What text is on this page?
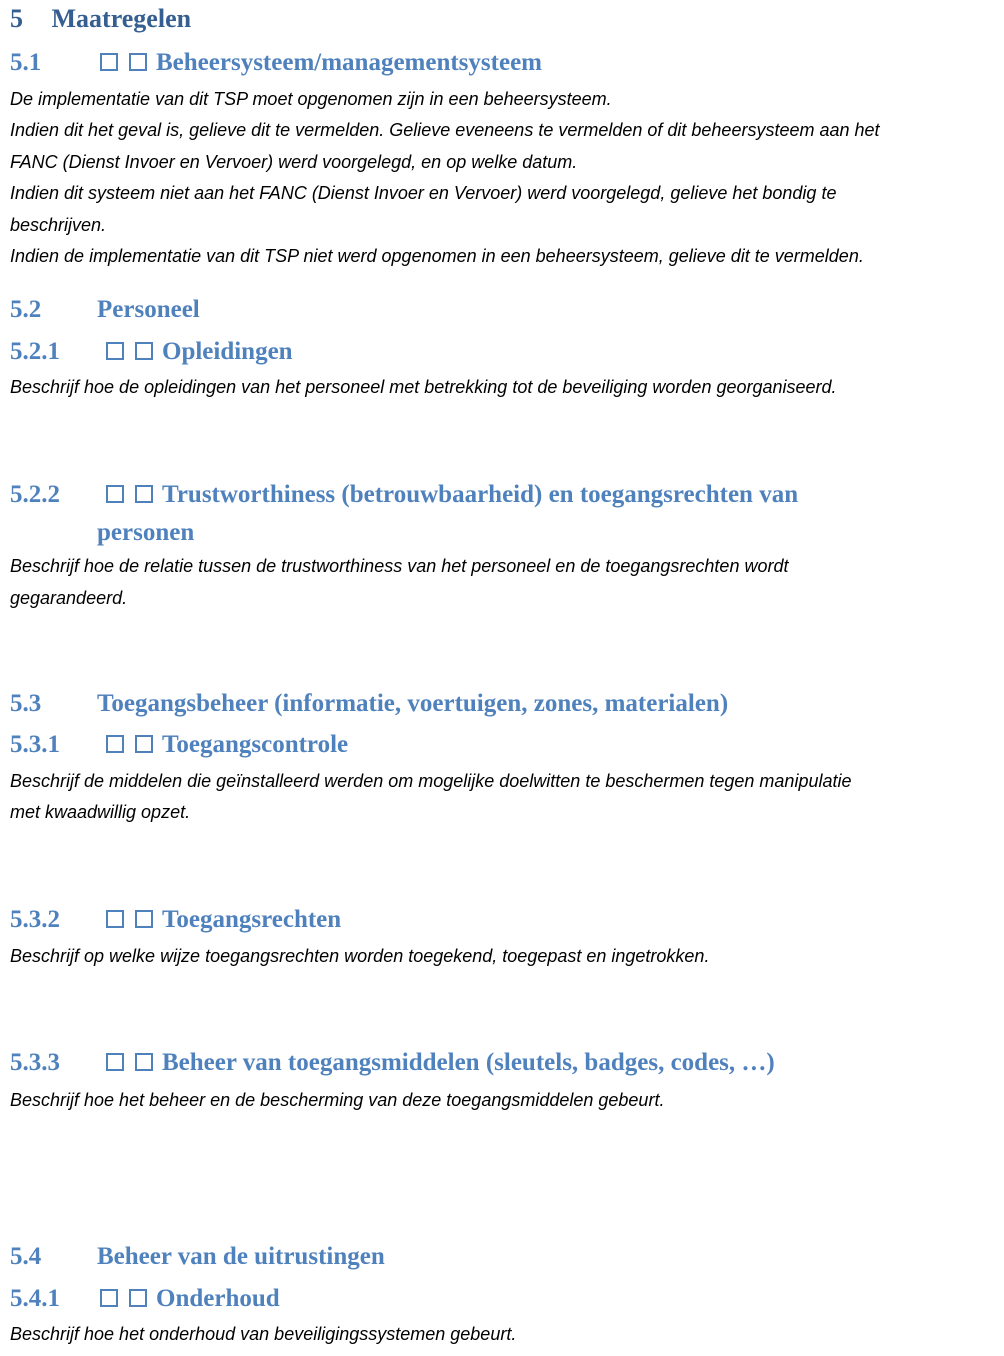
5 Maatregelen
5.1	Beheersysteem/managementsysteem

De implementatie van dit TSP moet opgenomen zijn in een beheersysteem.

Indien dit het geval is, gelieve dit te vermelden. Gelieve eveneens te vermelden of dit beheersysteem aan het

FANC (Dienst Invoer en Vervoer) werd voorgelegd, en op welke datum.

Indien dit systeem niet aan het FANC (Dienst Invoer en Vervoer) werd voorgelegd, gelieve het bondig te

beschrijven.

Indien de implementatie van dit TSP niet werd opgenomen in een beheersysteem, gelieve dit te vermelden.

5.2 Personeel
5.2.1	Opleidingen

Beschrijf hoe de opleidingen van het personeel met betrekking tot de beveiliging worden georganiseerd.

5.2.2	Trustworthiness (betrouwbaarheid) en toegangsrechten van
personen

Beschrijf hoe de relatie tussen de trustworthiness van het personeel en de toegangsrechten wordt

gegarandeerd.

5.3 Toegangsbeheer (informatie, voertuigen, zones, materialen)
5.3.1	Toegangscontrole

Beschrijf de middelen die geïnstalleerd werden om mogelijke doelwitten te beschermen tegen manipulatie

met kwaadwillig opzet.

5.3.2	Toegangsrechten

Beschrijf op welke wijze toegangsrechten worden toegekend, toegepast en ingetrokken.

5.3.3	Beheer van toegangsmiddelen (sleutels, badges, codes, …)

Beschrijf hoe het beheer en de bescherming van deze toegangsmiddelen gebeurt.

5.4 Beheer van de uitrustingen
5.4.1	Onderhoud

Beschrijf hoe het onderhoud van beveiligingssystemen gebeurt.
